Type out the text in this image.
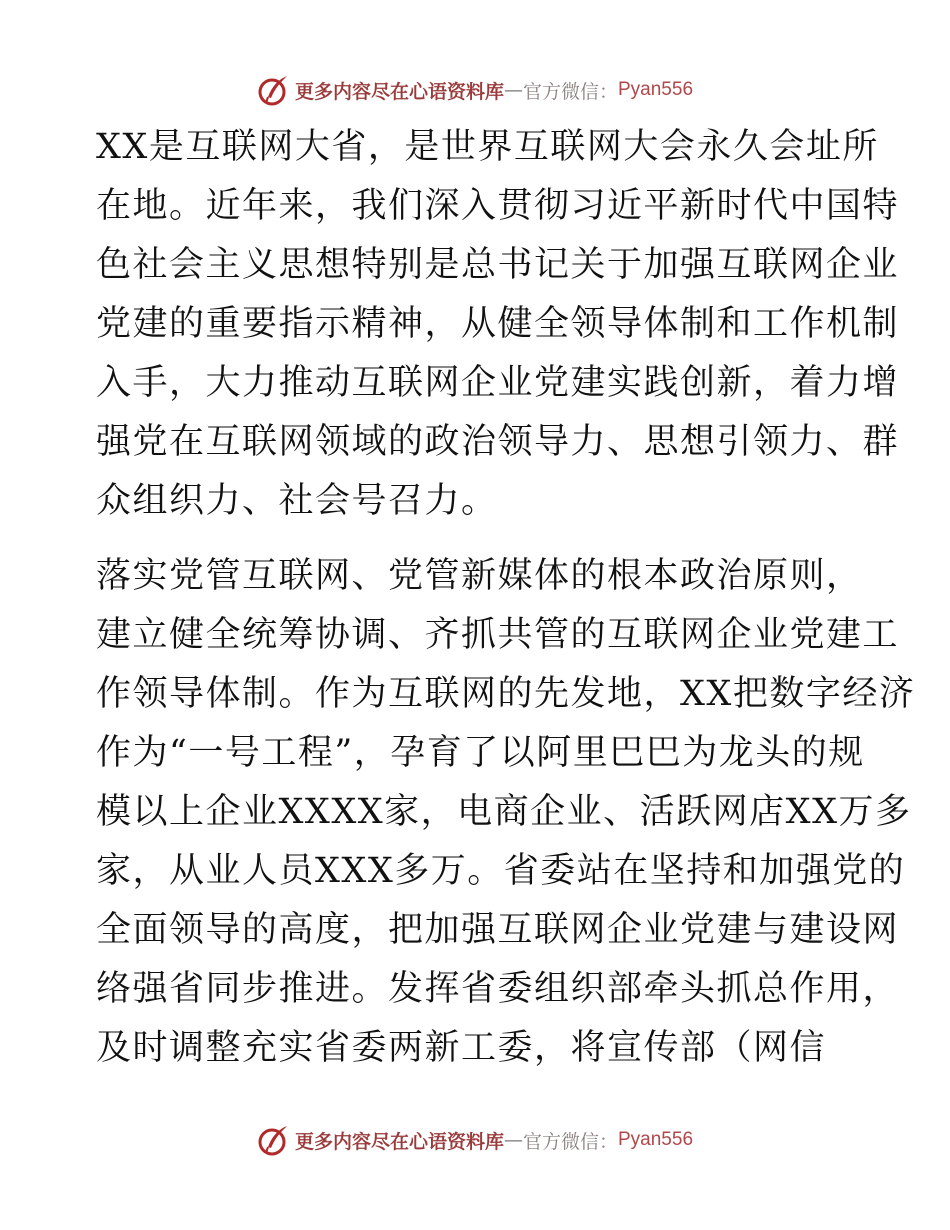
更多内容尽在心语资料库 — 官方微信： Pyan556
XX是互联网大省，是世界互联网大会永久会址所
在地。近年来，我们深入贯彻习近平新时代中国特
色社会主义思想特别是总书记关于加强互联网企业
党建的重要指示精神，从健全领导体制和工作机制
入手，大力推动互联网企业党建实践创新，着力增
强党在互联网领域的政治领导力、思想引领力、群
众组织力、社会号召力。
落实党管互联网、党管新媒体的根本政治原则，
建立健全统筹协调、齐抓共管的互联网企业党建工
作领导体制。作为互联网的先发地，XX把数字经济
作为“一号工程”，孕育了以阿里巴巴为龙头的规
模以上企业XXXX家，电商企业、活跃网店XX万多
家，从业人员XXX多万。省委站在坚持和加强党的
全面领导的高度，把加强互联网企业党建与建设网
络强省同步推进。发挥省委组织部牵头抓总作用，
及时调整充实省委两新工委，将宣传部（网信
更多内容尽在心语资料库 — 官方微信： Pyan556
